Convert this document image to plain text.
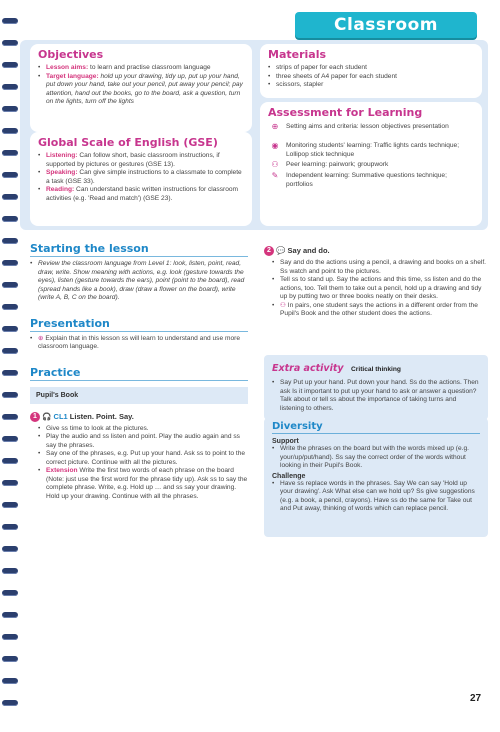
Classroom
Objectives
• Lesson aims: to learn and practise classroom language
• Target language: hold up your drawing, tidy up, put up your hand, put down your hand, take out your pencil, put away your pencil; pay attention, hand out the books, go to the board, ask a question, turn on the lights, turn off the lights
Global Scale of English (GSE)
• Listening: Can follow short, basic classroom instructions, if supported by pictures or gestures (GSE 13).
• Speaking: Can give simple instructions to a classmate to complete a task (GSE 33).
• Reading: Can understand basic written instructions for classroom activities (e.g. 'Read and match') (GSE 23).
Materials
• strips of paper for each student
• three sheets of A4 paper for each student
• scissors, stapler
Assessment for Learning
⊕	Setting aims and criteria: lesson objectives presentation
◉	Monitoring students' learning: Traffic lights cards technique; Lollipop stick technique
⚇	Peer learning: pairwork; groupwork
✎	Independent learning: Summative questions technique; portfolios
Starting the lesson
• Review the classroom language from Level 1: look, listen, point, read, draw, write. Show meaning with actions, e.g. look (gesture towards the eyes), listen (gesture towards the ears), point (point to the board), read (spread hands like a book), draw (draw a flower on the board), write (write A, B, C on the board).
Presentation
• ⊕ Explain that in this lesson ss will learn to understand and use more classroom language.
Practice
Pupil's Book
1 🎧 CL1 Listen. Point. Say.
• Give ss time to look at the pictures.
• Play the audio and ss listen and point. Play the audio again and ss say the phrases.
• Say one of the phrases, e.g. Put up your hand. Ask ss to point to the correct picture. Continue with all the pictures.
• Extension Write the first two words of each phrase on the board (Note: just use the first word for the phrase tidy up). Ask ss to say the complete phrase. Write, e.g. Hold up … and ss say your drawing. Hold up your drawing. Continue with all the phrases.
2 💬 Say and do.
• Say and do the actions using a pencil, a drawing and books on a shelf. Ss watch and point to the pictures.
• Tell ss to stand up. Say the actions and this time, ss listen and do the actions, too. Tell them to take out a pencil, hold up a drawing and tidy up by putting two or three books neatly on their desks.
• ⚇ In pairs, one student says the actions in a different order from the Pupil's Book and the other student does the actions.
Extra activity Critical thinking
• Say Put up your hand. Put down your hand. Ss do the actions. Then ask Is it important to put up your hand to ask or answer a question? Talk about or tell ss about the importance of taking turns and listening to others.
Diversity
Support
• Write the phrases on the board but with the words mixed up (e.g. your/up/put/hand). Ss say the correct order of the words without looking in their Pupil's Book.
Challenge
• Have ss replace words in the phrases. Say We can say 'Hold up your drawing'. Ask What else can we hold up? Ss give suggestions (e.g. a book, a pencil, crayons). Have ss do the same for Take out and Put away, thinking of words which can replace pencil.
27
